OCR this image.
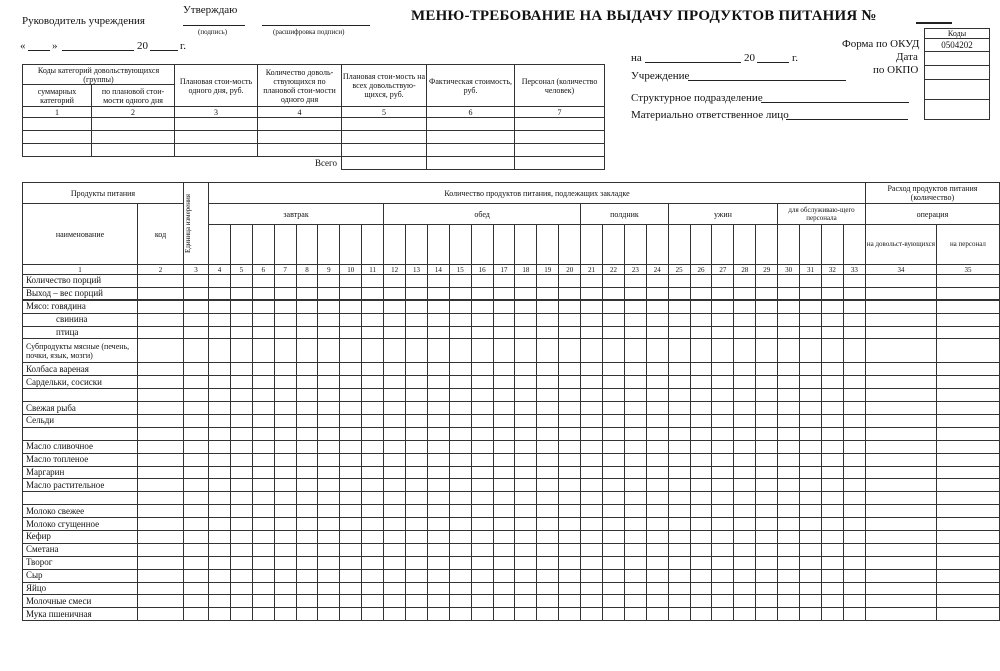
Руководитель учреждения
Утверждаю
(подпись)	(расшифровка подписи)
« »	20	г.
МЕНЮ-ТРЕБОВАНИЕ НА ВЫДАЧУ ПРОДУКТОВ ПИТАНИЯ №
Форма по ОКУД
Дата
по ОКПО
Коды
0504202

на	20	г.
Учреждение
Структурное подразделение
Материально ответственное лицо
Коды категорий довольствующихся (группы)		Плановая стои-мость одного дня, руб.	Количество доволь-ствующихся по плановой стои-мости одного дня	Плановая стои-мость на всех довольствую-щихся, руб.	Фактическая стоимость, руб.	Персонал (количество человек)
суммарных категорий	по плановой стои-мости одного дня					
1	2	3	4	5	6	7

Всего						
Продукты питания		Единица измерения	Количество продуктов питания, подлежащих закладке																														Расход продуктов питания (количество)	
наименование	код		завтрак								обед									полдник				ужин					для обслуживаю-щего персонала				операция	
																																	на довольст-вующихся	на персонал
1	2	3	4	5	6	7	8	9	10	11	12	13	14	15	16	17	18	19	20	21	22	23	24	25	26	27	28	29	30	31	32	33	34	35
Количество порций																																		
Выход – вес порций																																		
Мясо: говядина																																		
свинина																																		
птица																																		
Субпродукты мясные (печень, почки, язык, мозги)																																		
Колбаса вареная																																		
Сардельки, сосиски																																		

Свежая рыба																																		
Сельди																																		

Масло сливочное																																		
Масло топленое																																		
Маргарин																																		
Масло растительное																																		

Молоко свежее																																		
Молоко сгущенное																																		
Кефир																																		
Сметана																																		
Творог																																		
Сыр																																		
Яйцо																																		
Молочные смеси																																		
Мука пшеничная																																		
